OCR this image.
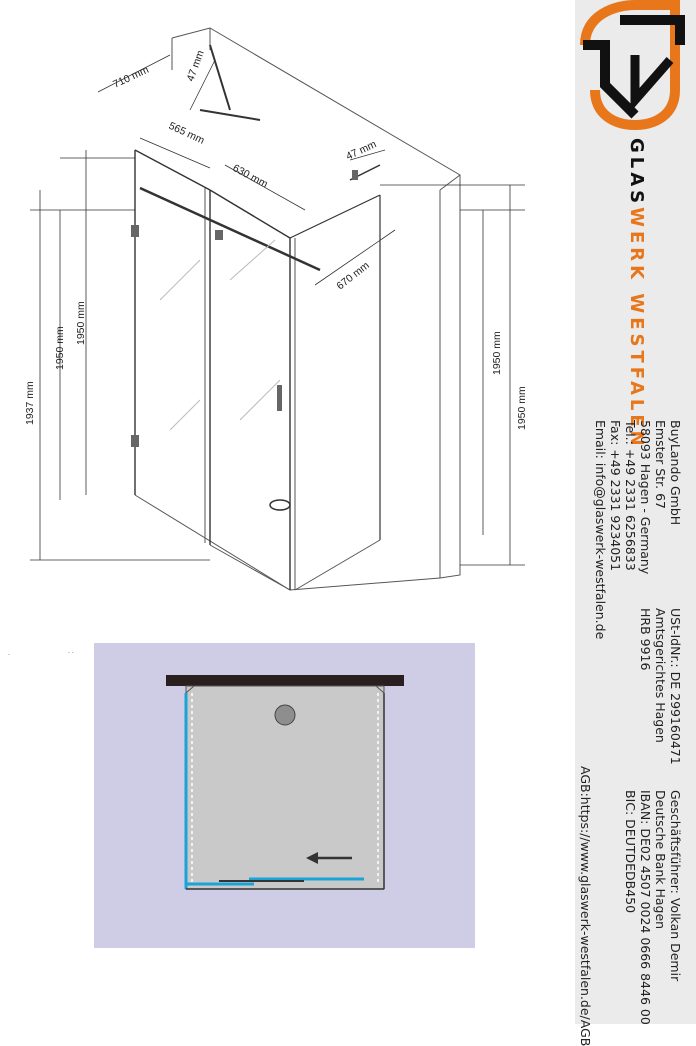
710 mm	47 mm
565 mm
630 mm
47 mm
670 mm
1937 mm
1950 mm
1950 mm
1950 mm
1950 mm
.	. .
GLASWERK WESTFALEN
BuyLando GmbH
Emster Str. 67
58093 Hagen - Germany
Tel.: +49 2331 6256833
Fax: +49 2331 9234051
Email: info@glaswerk-westfalen.de
USt-IdNr.: DE 299160471
Amtsgerichtes Hagen
HRB 9916
Geschäftsführer: Volkan Demir
Deutsche Bank Hagen
IBAN: DE02 4507 0024 0666 8446 00
BIC: DEUTDEDB450
AGB:https://www.glaswerk-westfalen.de/AGB
